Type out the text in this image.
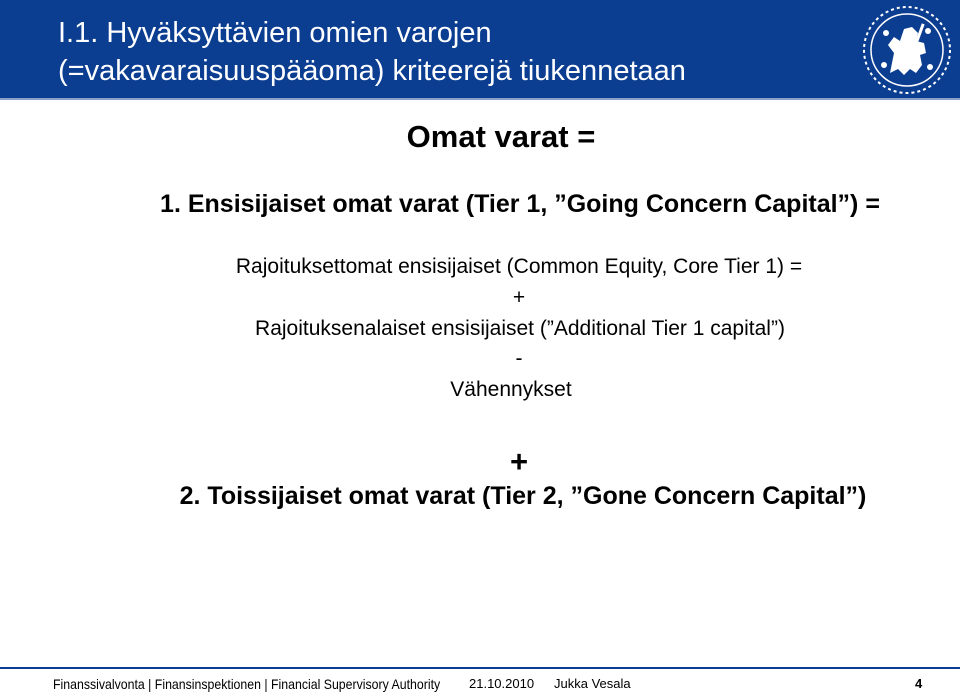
I.1. Hyväksyttävien omien varojen
(=vakavaraisuuspääoma) kriteerejä tiukennetaan
Omat varat =
1. Ensisijaiset omat varat (Tier 1, ”Going Concern Capital”) =
Rajoituksettomat ensisijaiset (Common Equity, Core Tier 1) =
+
Rajoituksenalaiset ensisijaiset (”Additional Tier 1 capital”)
-
Vähennykset
+
2. Toissijaiset omat varat (Tier 2, ”Gone Concern Capital”)
Finanssivalvonta | Finansinspektionen | Financial Supervisory Authority 21.10.2010 Jukka Vesala	4
